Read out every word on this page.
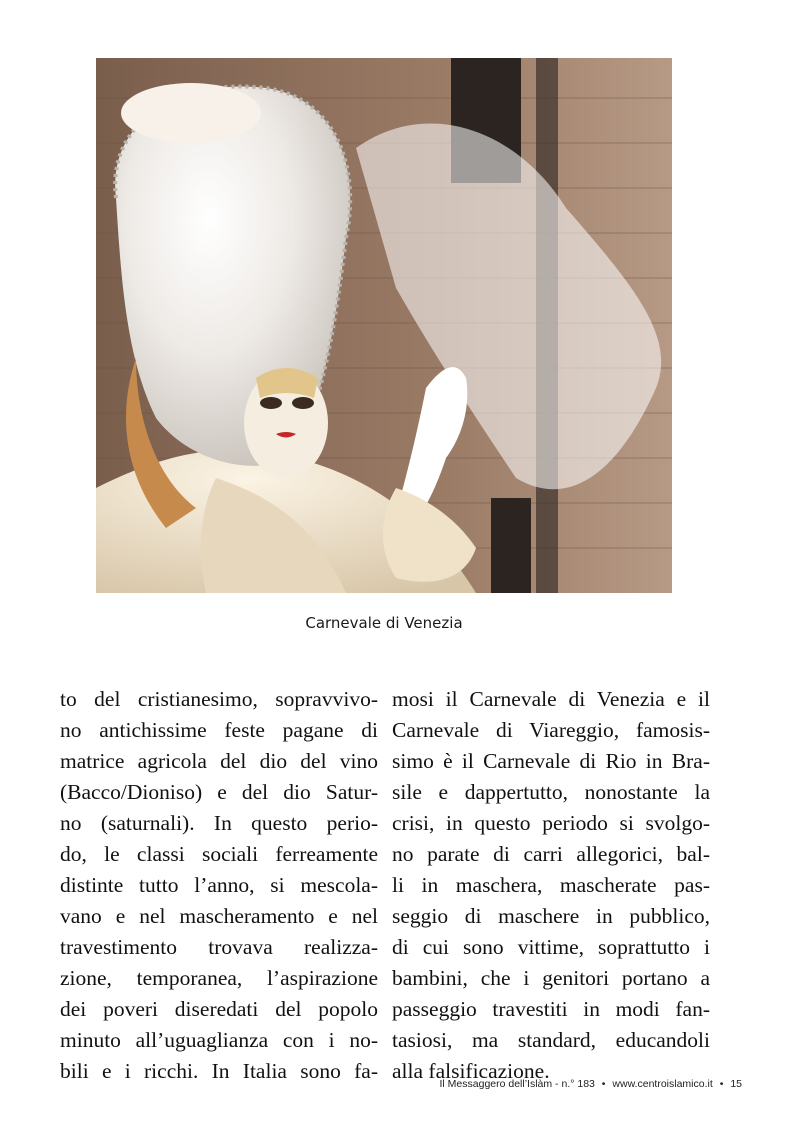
Carnevale di Venezia
to del cristianesimo, sopravvivo-
no antichissime feste pagane di
matrice agricola del dio del vino
(Bacco/Dioniso) e del dio Satur-
no (saturnali). In questo perio-
do, le classi sociali ferreamente
distinte tutto l’anno, si mescola-
vano e nel mascheramento e nel
travestimento trovava realizza-
zione, temporanea, l’aspirazione
dei poveri diseredati del popolo
minuto all’uguaglianza con i no-
bili e i ricchi. In Italia sono fa-
mosi il Carnevale di Venezia e il
Carnevale di Viareggio, famosis-
simo è il Carnevale di Rio in Bra-
sile e dappertutto, nonostante la
crisi, in questo periodo si svolgo-
no parate di carri allegorici, bal-
li in maschera, mascherate pas-
seggio di maschere in pubblico,
di cui sono vittime, soprattutto i
bambini, che i genitori portano a
passeggio travestiti in modi fan-
tasiosi, ma standard, educandoli
alla falsificazione.
Il Messaggero dell’Islàm - n.° 183 • www.centroislamico.it • 15
